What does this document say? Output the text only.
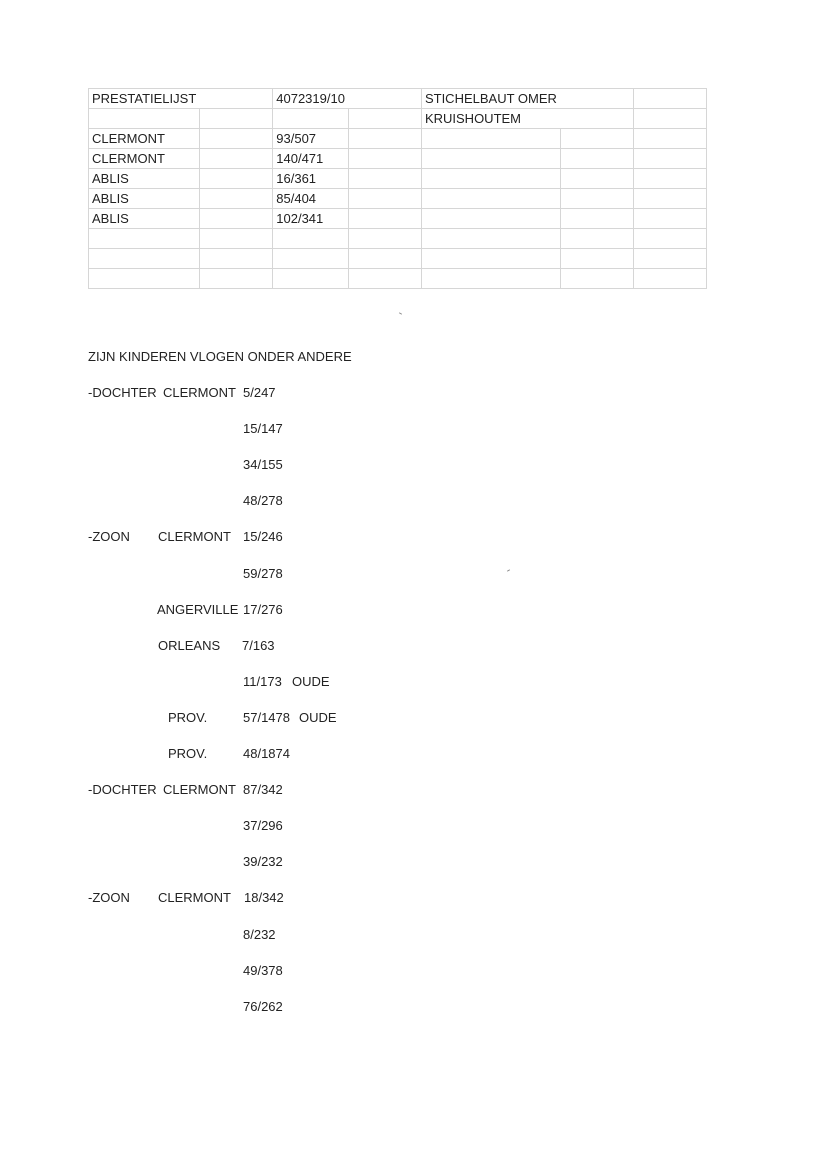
PRESTATIELIJST		4072319/10		STICHELBAUT OMER		
				KRUISHOUTEM		
CLERMONT		93/507				
CLERMONT		140/471				
ABLIS		16/361				
ABLIS		85/404				
ABLIS		102/341				

ZIJN KINDEREN VLOGEN ONDER ANDERE
-DOCHTER CLERMONT 5/247
15/147
34/155
48/278
-ZOON CLERMONT 15/246
59/278
ANGERVILLE 17/276
ORLEANS 7/163
11/173 OUDE
PROV.	57/1478 OUDE
PROV.	48/1874
-DOCHTER CLERMONT 87/342
37/296
39/232
-ZOON CLERMONT 18/342
8/232
49/378
76/262
